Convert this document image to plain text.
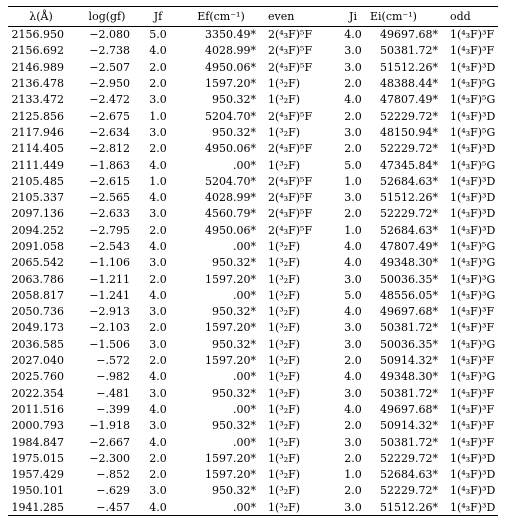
λ(Å)	log(gf)	Jf	Ef(cm⁻¹)	even	Ji	Ei(cm⁻¹)	odd
2156.950	−2.080	5.0	3350.49*	2(⁴₃F)⁵F	4.0	49697.68*	1(⁴₃F)³F
2156.692	−2.738	4.0	4028.99*	2(⁴₃F)⁵F	3.0	50381.72*	1(⁴₃F)³F
2146.989	−2.507	2.0	4950.06*	2(⁴₃F)⁵F	3.0	51512.26*	1(⁴₃F)³D
2136.478	−2.950	2.0	1597.20*	1(³₂F)	2.0	48388.44*	1(⁴₃F)⁵G
2133.472	−2.472	3.0	950.32*	1(³₂F)	4.0	47807.49*	1(⁴₃F)⁵G
2125.856	−2.675	1.0	5204.70*	2(⁴₃F)⁵F	2.0	52229.72*	1(⁴₃F)³D
2117.946	−2.634	3.0	950.32*	1(³₂F)	3.0	48150.94*	1(⁴₃F)⁵G
2114.405	−2.812	2.0	4950.06*	2(⁴₃F)⁵F	2.0	52229.72*	1(⁴₃F)³D
2111.449	−1.863	4.0	.00*	1(³₂F)	5.0	47345.84*	1(⁴₃F)⁵G
2105.485	−2.615	1.0	5204.70*	2(⁴₃F)⁵F	1.0	52684.63*	1(⁴₃F)³D
2105.337	−2.565	4.0	4028.99*	2(⁴₃F)⁵F	3.0	51512.26*	1(⁴₃F)³D
2097.136	−2.633	3.0	4560.79*	2(⁴₃F)⁵F	2.0	52229.72*	1(⁴₃F)³D
2094.252	−2.795	2.0	4950.06*	2(⁴₃F)⁵F	1.0	52684.63*	1(⁴₃F)³D
2091.058	−2.543	4.0	.00*	1(³₂F)	4.0	47807.49*	1(⁴₃F)⁵G
2065.542	−1.106	3.0	950.32*	1(³₂F)	4.0	49348.30*	1(⁴₃F)³G
2063.786	−1.211	2.0	1597.20*	1(³₂F)	3.0	50036.35*	1(⁴₃F)³G
2058.817	−1.241	4.0	.00*	1(³₂F)	5.0	48556.05*	1(⁴₃F)³G
2050.736	−2.913	3.0	950.32*	1(³₂F)	4.0	49697.68*	1(⁴₃F)³F
2049.173	−2.103	2.0	1597.20*	1(³₂F)	3.0	50381.72*	1(⁴₃F)³F
2036.585	−1.506	3.0	950.32*	1(³₂F)	3.0	50036.35*	1(⁴₃F)³G
2027.040	−.572	2.0	1597.20*	1(³₂F)	2.0	50914.32*	1(⁴₃F)³F
2025.760	−.982	4.0	.00*	1(³₂F)	4.0	49348.30*	1(⁴₃F)³G
2022.354	−.481	3.0	950.32*	1(³₂F)	3.0	50381.72*	1(⁴₃F)³F
2011.516	−.399	4.0	.00*	1(³₂F)	4.0	49697.68*	1(⁴₃F)³F
2000.793	−1.918	3.0	950.32*	1(³₂F)	2.0	50914.32*	1(⁴₃F)³F
1984.847	−2.667	4.0	.00*	1(³₂F)	3.0	50381.72*	1(⁴₃F)³F
1975.015	−2.300	2.0	1597.20*	1(³₂F)	2.0	52229.72*	1(⁴₃F)³D
1957.429	−.852	2.0	1597.20*	1(³₂F)	1.0	52684.63*	1(⁴₃F)³D
1950.101	−.629	3.0	950.32*	1(³₂F)	2.0	52229.72*	1(⁴₃F)³D
1941.285	−.457	4.0	.00*	1(³₂F)	3.0	51512.26*	1(⁴₃F)³D
